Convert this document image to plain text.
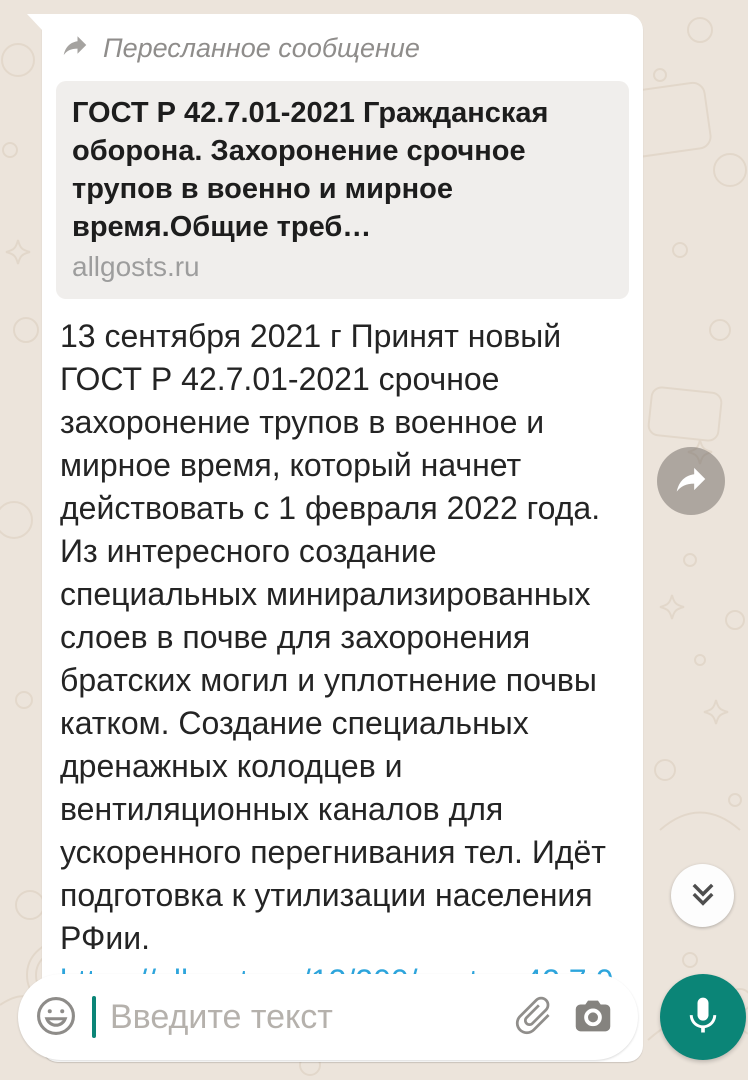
Пересланное сообщение
ГОСТ Р 42.7.01-2021 Гражданская оборона. Захоронение срочное трупов в военно и мирное время.Общие треб…
allgosts.ru
13 сентября 2021 г Принят новый ГОСТ Р 42.7.01-2021 срочное захоронение трупов в военное и мирное время, который начнет действовать с 1 февраля 2022 года. Из интересного создание специальных минирализированных слоев в почве для захоронения братских могил и уплотнение почвы катком. Создание специальных дренажных колодцев и вентиляционных каналов для ускоренного перегнивания тел. Идёт подготовка к утилизации населения РФии.
Введите текст
